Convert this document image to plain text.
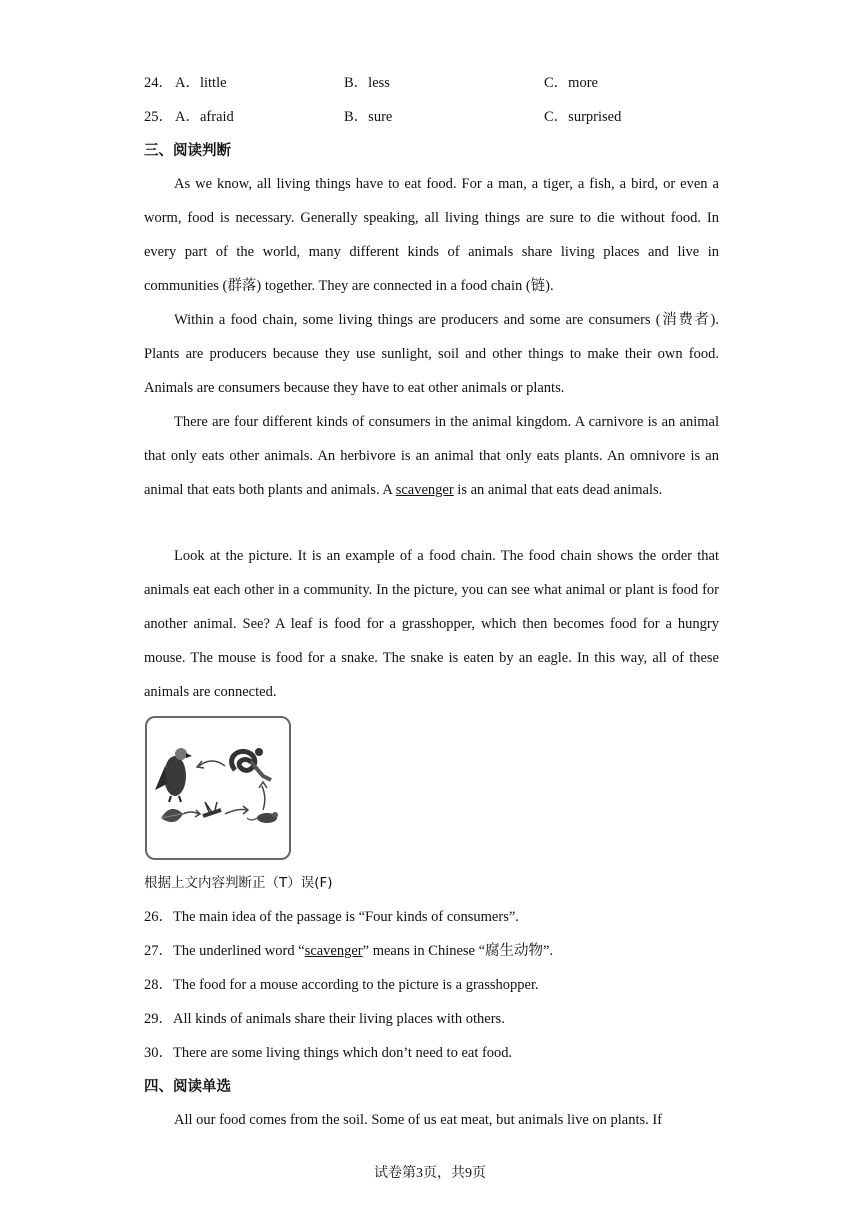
24． A．little	B．less	C．more
25． A．afraid	B．sure	C．surprised
三、阅读判断
As we know, all living things have to eat food. For a man, a tiger, a fish, a bird, or even a worm, food is necessary. Generally speaking, all living things are sure to die without food. In every part of the world, many different kinds of animals share living places and live in communities (群落) together. They are connected in a food chain (链).
Within a food chain, some living things are producers and some are consumers (消费者). Plants are producers because they use sunlight, soil and other things to make their own food. Animals are consumers because they have to eat other animals or plants.
There are four different kinds of consumers in the animal kingdom. A carnivore is an animal that only eats other animals. An herbivore is an animal that only eats plants. An omnivore is an animal that eats both plants and animals. A scavenger is an animal that eats dead animals.
Look at the picture. It is an example of a food chain. The food chain shows the order that animals eat each other in a community. In the picture, you can see what animal or plant is food for another animal. See? A leaf is food for a grasshopper, which then becomes food for a hungry mouse. The mouse is food for a snake. The snake is eaten by an eagle. In this way, all of these animals are connected.
根据上文内容判断正（T）误(F)
26．The main idea of the passage is “Four kinds of consumers”.
27．The underlined word “scavenger” means in Chinese “腐生动物”.
28．The food for a mouse according to the picture is a grasshopper.
29．All kinds of animals share their living places with others.
30．There are some living things which don’t need to eat food.
四、阅读单选
All our food comes from the soil. Some of us eat meat, but animals live on plants. If
试卷第3页，共9页
